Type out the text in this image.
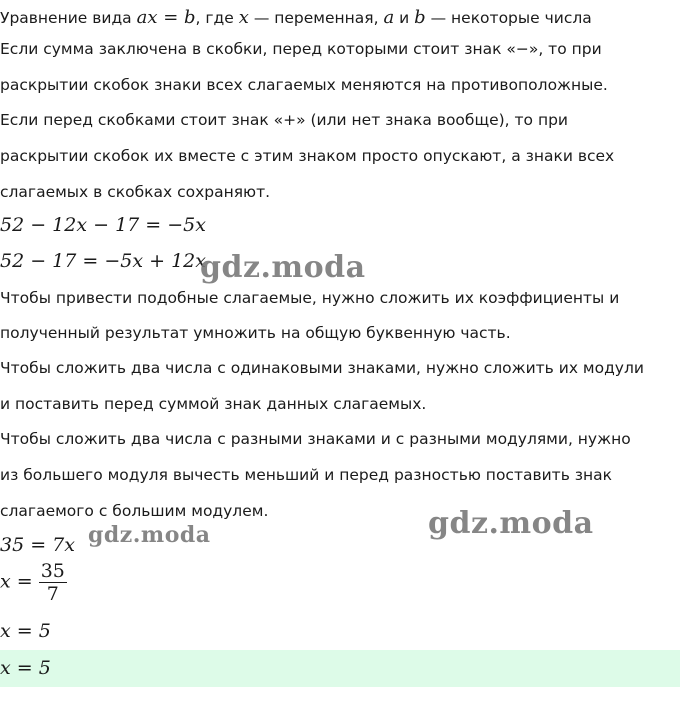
Уравнение вида ax = b, где x — переменная, a и b — некоторые числа

Если сумма заключена в скобки, перед которыми стоит знак «−», то при

раскрытии скобок знаки всех слагаемых меняются на противоположные.

Если перед скобками стоит знак «+» (или нет знака вообще), то при

раскрытии скобок их вместе с этим знаком просто опускают, а знаки всех

слагаемых в скобках сохраняют.

52 − 12x − 17 = −5x

52 − 17 = −5x + 12x

Чтобы привести подобные слагаемые, нужно сложить их коэффициенты и

полученный результат умножить на общую буквенную часть.

Чтобы сложить два числа с одинаковыми знаками, нужно сложить их модули

и поставить перед суммой знак данных слагаемых.

Чтобы сложить два числа с разными знаками и с разными модулями, нужно

из большего модуля вычесть меньший и перед разностью поставить знак

слагаемого с большим модулем.

35 = 7x

$x = \frac{35}{7}$

x = 5

x = 5

gdz.moda
gdz.moda	gdz.moda
